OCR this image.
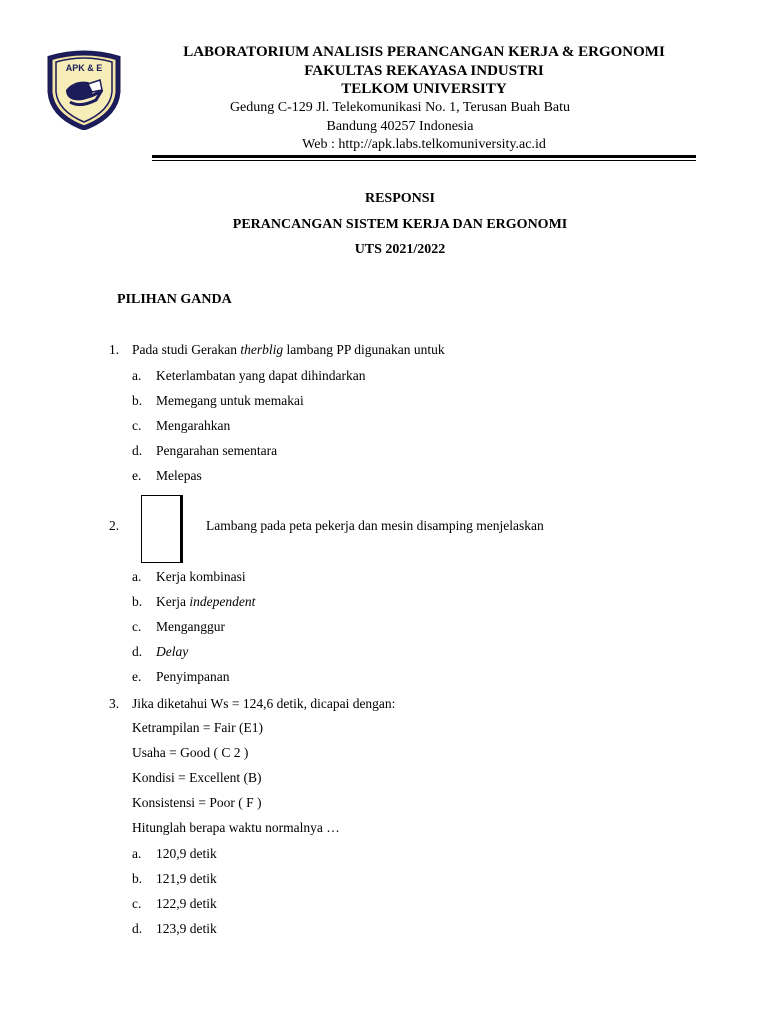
APK & E
LABORATORIUM ANALISIS PERANCANGAN KERJA & ERGONOMI
FAKULTAS REKAYASA INDUSTRI
TELKOM UNIVERSITY
Gedung C-129 Jl. Telekomunikasi No. 1, Terusan Buah Batu
Bandung 40257 Indonesia
Web : http://apk.labs.telkomuniversity.ac.id
RESPONSI
PERANCANGAN SISTEM KERJA DAN ERGONOMI
UTS 2021/2022
PILIHAN GANDA
1. Pada studi Gerakan therblig lambang PP digunakan untuk
a. Keterlambatan yang dapat dihindarkan
b. Memegang untuk memakai
c. Mengarahkan
d. Pengarahan sementara
e. Melepas
2.	Lambang pada peta pekerja dan mesin disamping menjelaskan
a. Kerja kombinasi
b. Kerja independent
c. Menganggur
d. Delay
e. Penyimpanan
3. Jika diketahui Ws = 124,6 detik, dicapai dengan:
Ketrampilan = Fair (E1)
Usaha = Good ( C 2 )
Kondisi = Excellent (B)
Konsistensi = Poor ( F )
Hitunglah berapa waktu normalnya …
a. 120,9 detik
b. 121,9 detik
c. 122,9 detik
d. 123,9 detik
